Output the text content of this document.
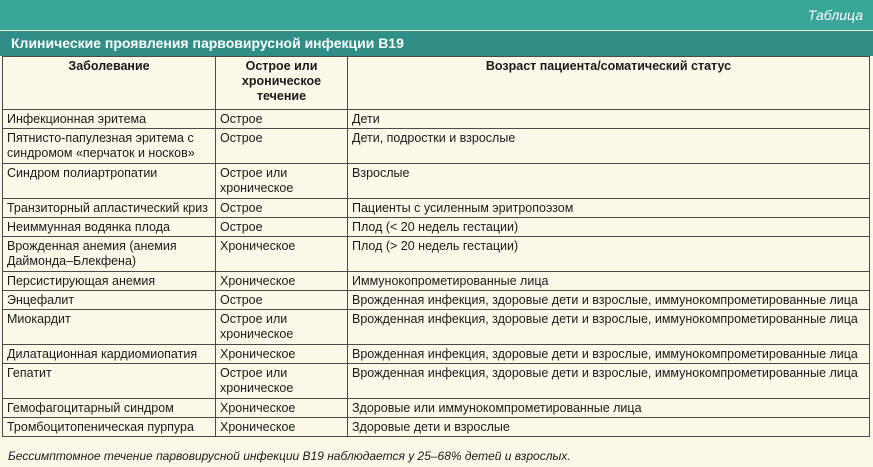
Таблица
Клинические проявления парвовирусной инфекции В19
Заболевание	Острое или хроническое течение	Возраст пациента/соматический статус
Инфекционная эритема	Острое	Дети
Пятнисто-папулезная эритема с синдромом «перчаток и носков»	Острое	Дети, подростки и взрослые
Синдром полиартропатии	Острое или хроническое	Взрослые
Транзиторный апластический криз	Острое	Пациенты с усиленным эритропоэзом
Неиммунная водянка плода	Острое	Плод (< 20 недель гестации)
Врожденная анемия (анемия Даймонда–Блекфена)	Хроническое	Плод (> 20 недель гестации)
Персистирующая анемия	Хроническое	Иммунокопрометированные лица
Энцефалит	Острое	Врожденная инфекция, здоровые дети и взрослые, иммунокомпрометированные лица
Миокардит	Острое или хроническое	Врожденная инфекция, здоровые дети и взрослые, иммунокомпрометированные лица
Дилатационная кардиомиопатия	Хроническое	Врожденная инфекция, здоровые дети и взрослые, иммунокомпрометированные лица
Гепатит	Острое или хроническое	Врожденная инфекция, здоровые дети и взрослые, иммунокомпрометированные лица
Гемофагоцитарный синдром	Хроническое	Здоровые или иммунокомпрометированные лица
Тромбоцитопеническая пурпура	Хроническое	Здоровые дети и взрослые
Бессимптомное течение парвовирусной инфекции В19 наблюдается у 25–68% детей и взрослых.
